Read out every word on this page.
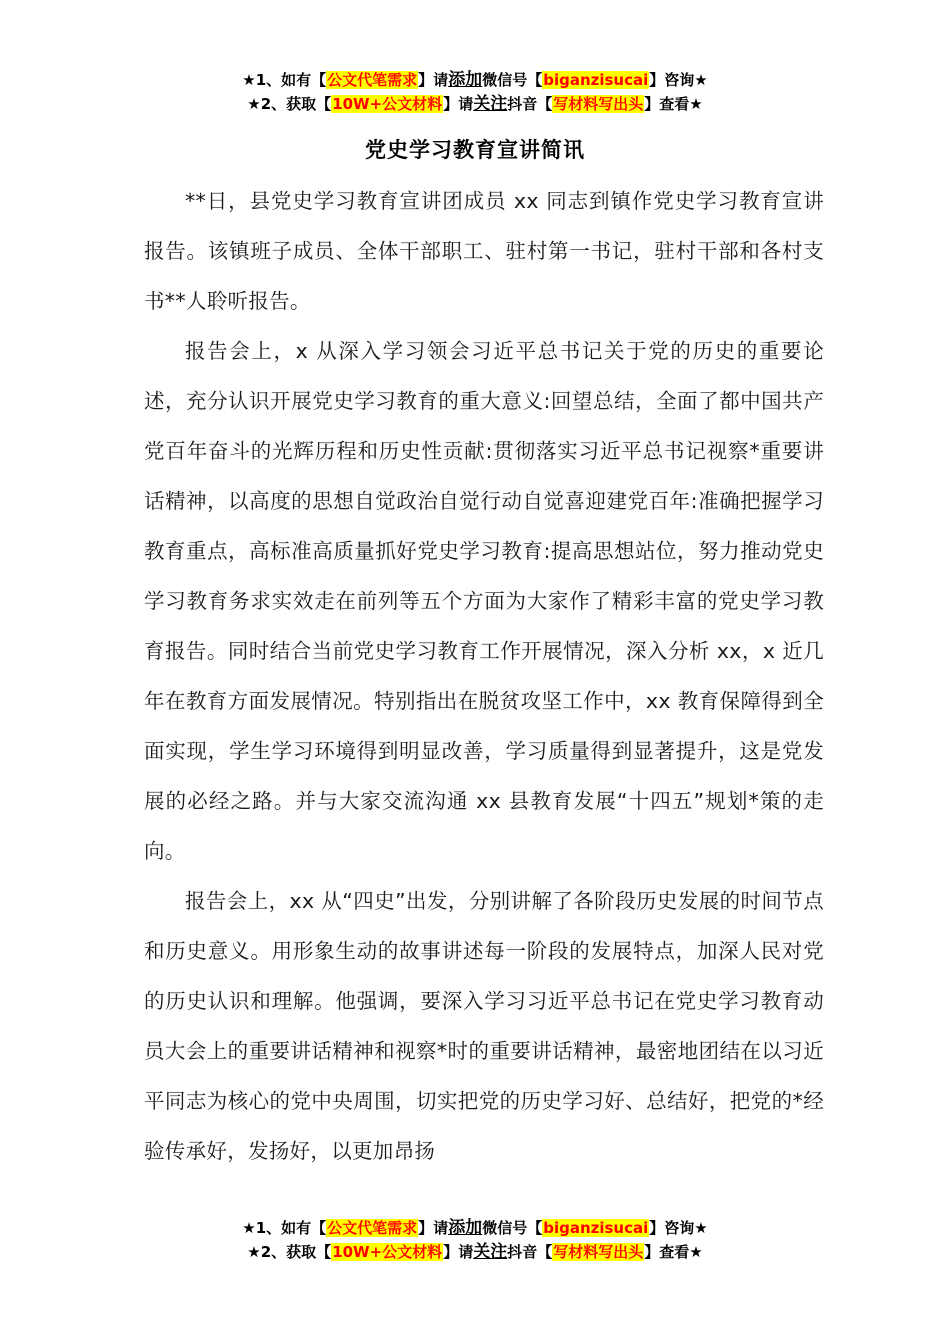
★1、如有【公文代笔需求】请添加微信号【biganzisucai】咨询★
★2、获取【10W+公文材料】请关注抖音【写材料写出头】查看★
党史学习教育宣讲简讯

**日，县党史学习教育宣讲团成员 xx 同志到镇作党史学习教育宣讲报告。该镇班子成员、全体干部职工、驻村第一书记，驻村干部和各村支书**人聆听报告。

报告会上，x 从深入学习领会习近平总书记关于党的历史的重要论述，充分认识开展党史学习教育的重大意义:回望总结，全面了都中国共产党百年奋斗的光辉历程和历史性贡献:贯彻落实习近平总书记视察*重要讲话精神，以高度的思想自觉政治自觉行动自觉喜迎建党百年:准确把握学习教育重点，高标准高质量抓好党史学习教育:提高思想站位，努力推动党史学习教育务求实效走在前列等五个方面为大家作了精彩丰富的党史学习教育报告。同时结合当前党史学习教育工作开展情况，深入分析 xx，x 近几年在教育方面发展情况。特别指出在脱贫攻坚工作中，xx 教育保障得到全面实现，学生学习环境得到明显改善，学习质量得到显著提升，这是党发展的必经之路。并与大家交流沟通 xx 县教育发展“十四五”规划*策的走向。

报告会上，xx 从“四史”出发，分别讲解了各阶段历史发展的时间节点和历史意义。用形象生动的故事讲述每一阶段的发展特点，加深人民对党的历史认识和理解。他强调，要深入学习习近平总书记在党史学习教育动员大会上的重要讲话精神和视察*时的重要讲话精神，最密地团结在以习近平同志为核心的党中央周围，切实把党的历史学习好、总结好，把党的*经验传承好，发扬好，以更加昂扬

★1、如有【公文代笔需求】请添加微信号【biganzisucai】咨询★
★2、获取【10W+公文材料】请关注抖音【写材料写出头】查看★
